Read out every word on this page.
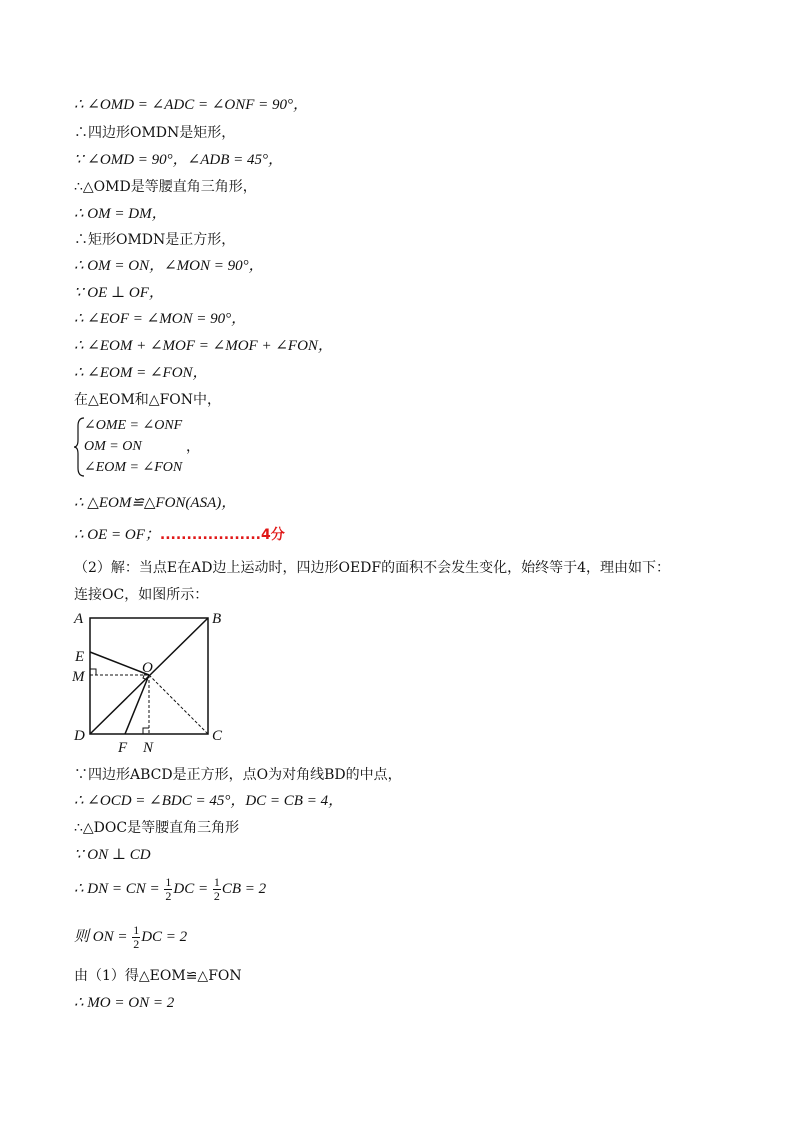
∴ ∠OMD = ∠ADC = ∠ONF = 90°，
∴四边形OMDN是矩形，
∵ ∠OMD = 90°，∠ADB = 45°，
∴△OMD是等腰直角三角形，
∴ OM = DM，
∴矩形OMDN是正方形，
∴ OM = ON，∠MON = 90°，
∵ OE ⊥ OF，
∴ ∠EOF = ∠MON = 90°，
∴ ∠EOM + ∠MOF = ∠MOF + ∠FON，
∴ ∠EOM = ∠FON，
在△EOM和△FON中，
∠OME = ∠ONF
OM = ON
∠EOM = ∠FON
，
∴ △EOM≌△FON(ASA)，
∴ OE = OF；...................4分
（2）解：当点E在AD边上运动时，四边形OEDF的面积不会发生变化，始终等于4，理由如下：
连接OC，如图所示：
A	B
C
D
E
M
O
F N
∵四边形ABCD是正方形，点O为对角线BD的中点，
∴ ∠OCD = ∠BDC = 45°，DC = CB = 4，
∴△DOC是等腰直角三角形
∵ ON ⊥ CD
∴ DN = CN = $\frac{1}{2}$ DC = $\frac{1}{2}$ CB = 2
则 ON = $\frac{1}{2}$ DC = 2
由（1）得△EOM≌△FON
∴ MO = ON = 2
